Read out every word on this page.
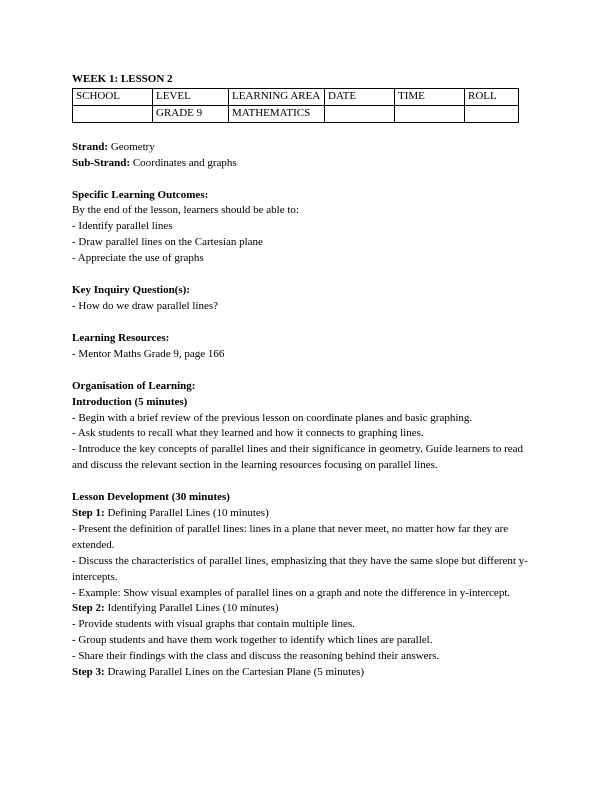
WEEK 1: LESSON 2
SCHOOL	LEVEL	LEARNING AREA	DATE	TIME	ROLL
	GRADE 9	MATHEMATICS			
Strand: Geometry
Sub-Strand: Coordinates and graphs
Specific Learning Outcomes:
By the end of the lesson, learners should be able to:
- Identify parallel lines
- Draw parallel lines on the Cartesian plane
- Appreciate the use of graphs
Key Inquiry Question(s):
- How do we draw parallel lines?
Learning Resources:
- Mentor Maths Grade 9, page 166
Organisation of Learning:
Introduction (5 minutes)
- Begin with a brief review of the previous lesson on coordinate planes and basic graphing.
- Ask students to recall what they learned and how it connects to graphing lines.
- Introduce the key concepts of parallel lines and their significance in geometry. Guide learners to read and discuss the relevant section in the learning resources focusing on parallel lines.
Lesson Development (30 minutes)
Step 1: Defining Parallel Lines (10 minutes)
- Present the definition of parallel lines: lines in a plane that never meet, no matter how far they are extended.
- Discuss the characteristics of parallel lines, emphasizing that they have the same slope but different y-intercepts.
- Example: Show visual examples of parallel lines on a graph and note the difference in y-intercept.
Step 2: Identifying Parallel Lines (10 minutes)
- Provide students with visual graphs that contain multiple lines.
- Group students and have them work together to identify which lines are parallel.
- Share their findings with the class and discuss the reasoning behind their answers.
Step 3: Drawing Parallel Lines on the Cartesian Plane (5 minutes)
